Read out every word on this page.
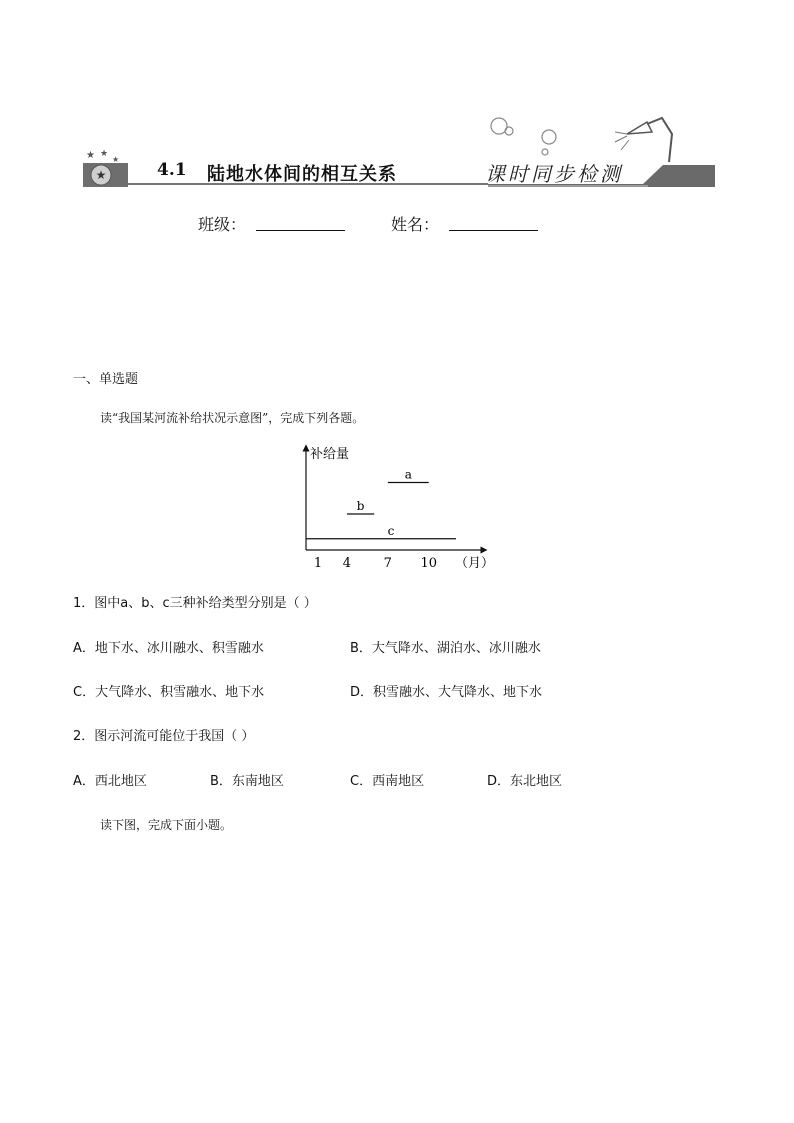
★
★ ★
★
4.1 陆地水体间的相互关系	课时同步检测
班级：	姓名：
一、单选题
读“我国某河流补给状况示意图”，完成下列各题。
补给量
a
b
c
1 4	7 10 （月）
1．图中a、b、c三种补给类型分别是（ ）
A．地下水、冰川融水、积雪融水	B．大气降水、湖泊水、冰川融水
C．大气降水、积雪融水、地下水	D．积雪融水、大气降水、地下水
2．图示河流可能位于我国（ ）
A．西北地区	B．东南地区	C．西南地区	D．东北地区
读下图，完成下面小题。
